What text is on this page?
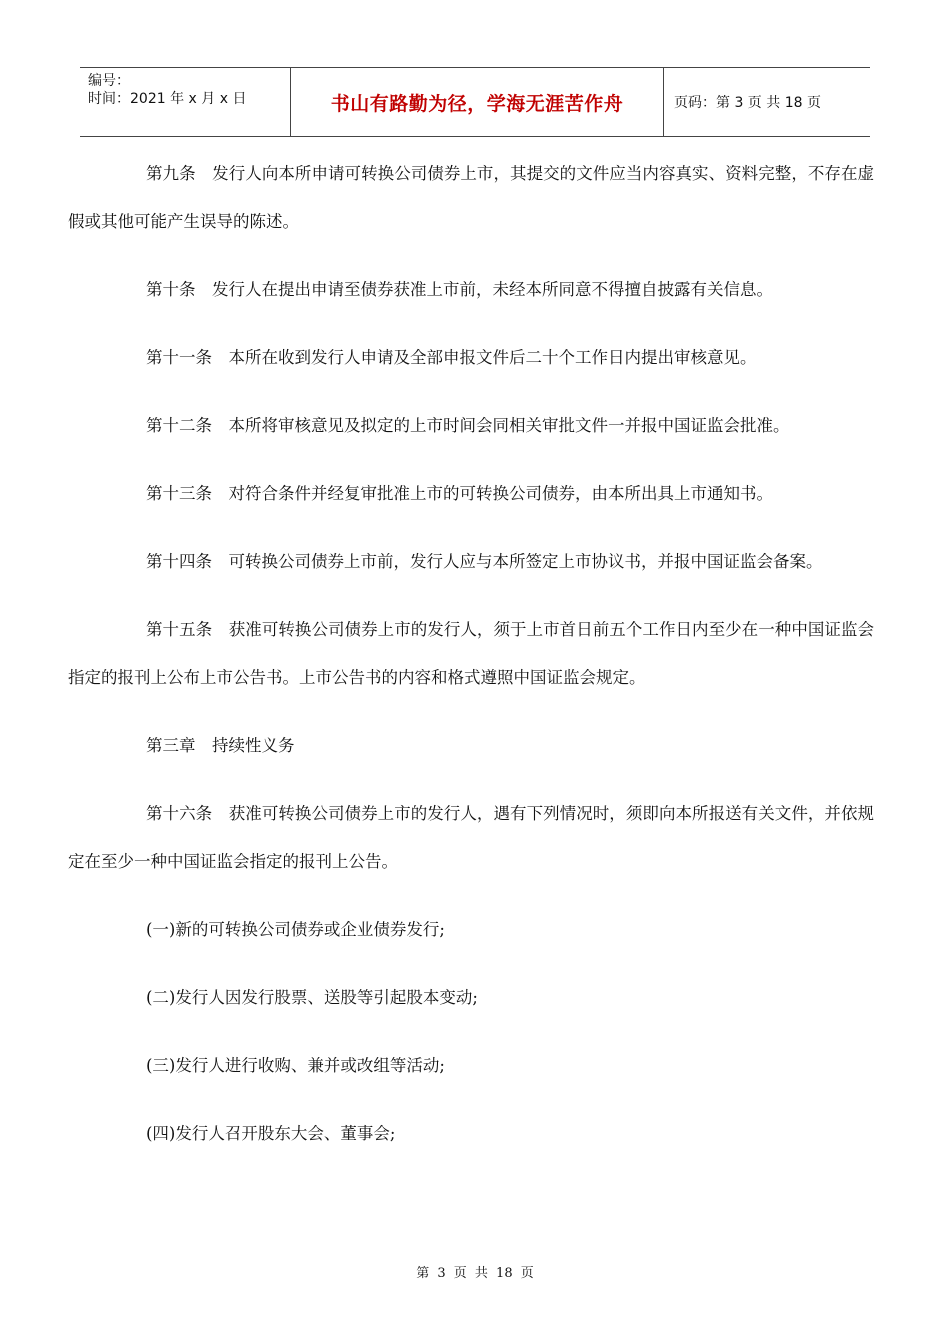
编号：
时间：2021 年 x 月 x 日	书山有路勤为径，学海无涯苦作舟	页码：第 3 页 共 18 页

第九条　发行人向本所申请可转换公司债券上市，其提交的文件应当内容真实、资料完整，不存在虚假或其他可能产生误导的陈述。

第十条　发行人在提出申请至债券获准上市前，未经本所同意不得擅自披露有关信息。

第十一条　本所在收到发行人申请及全部申报文件后二十个工作日内提出审核意见。

第十二条　本所将审核意见及拟定的上市时间会同相关审批文件一并报中国证监会批准。

第十三条　对符合条件并经复审批准上市的可转换公司债券，由本所出具上市通知书。

第十四条　可转换公司债券上市前，发行人应与本所签定上市协议书，并报中国证监会备案。

第十五条　获准可转换公司债券上市的发行人，须于上市首日前五个工作日内至少在一种中国证监会指定的报刊上公布上市公告书。上市公告书的内容和格式遵照中国证监会规定。

第三章　持续性义务

第十六条　获准可转换公司债券上市的发行人，遇有下列情况时，须即向本所报送有关文件，并依规定在至少一种中国证监会指定的报刊上公告。

(一)新的可转换公司债券或企业债券发行;

(二)发行人因发行股票、送股等引起股本变动;

(三)发行人进行收购、兼并或改组等活动;

(四)发行人召开股东大会、董事会;

第 3 页 共 18 页
